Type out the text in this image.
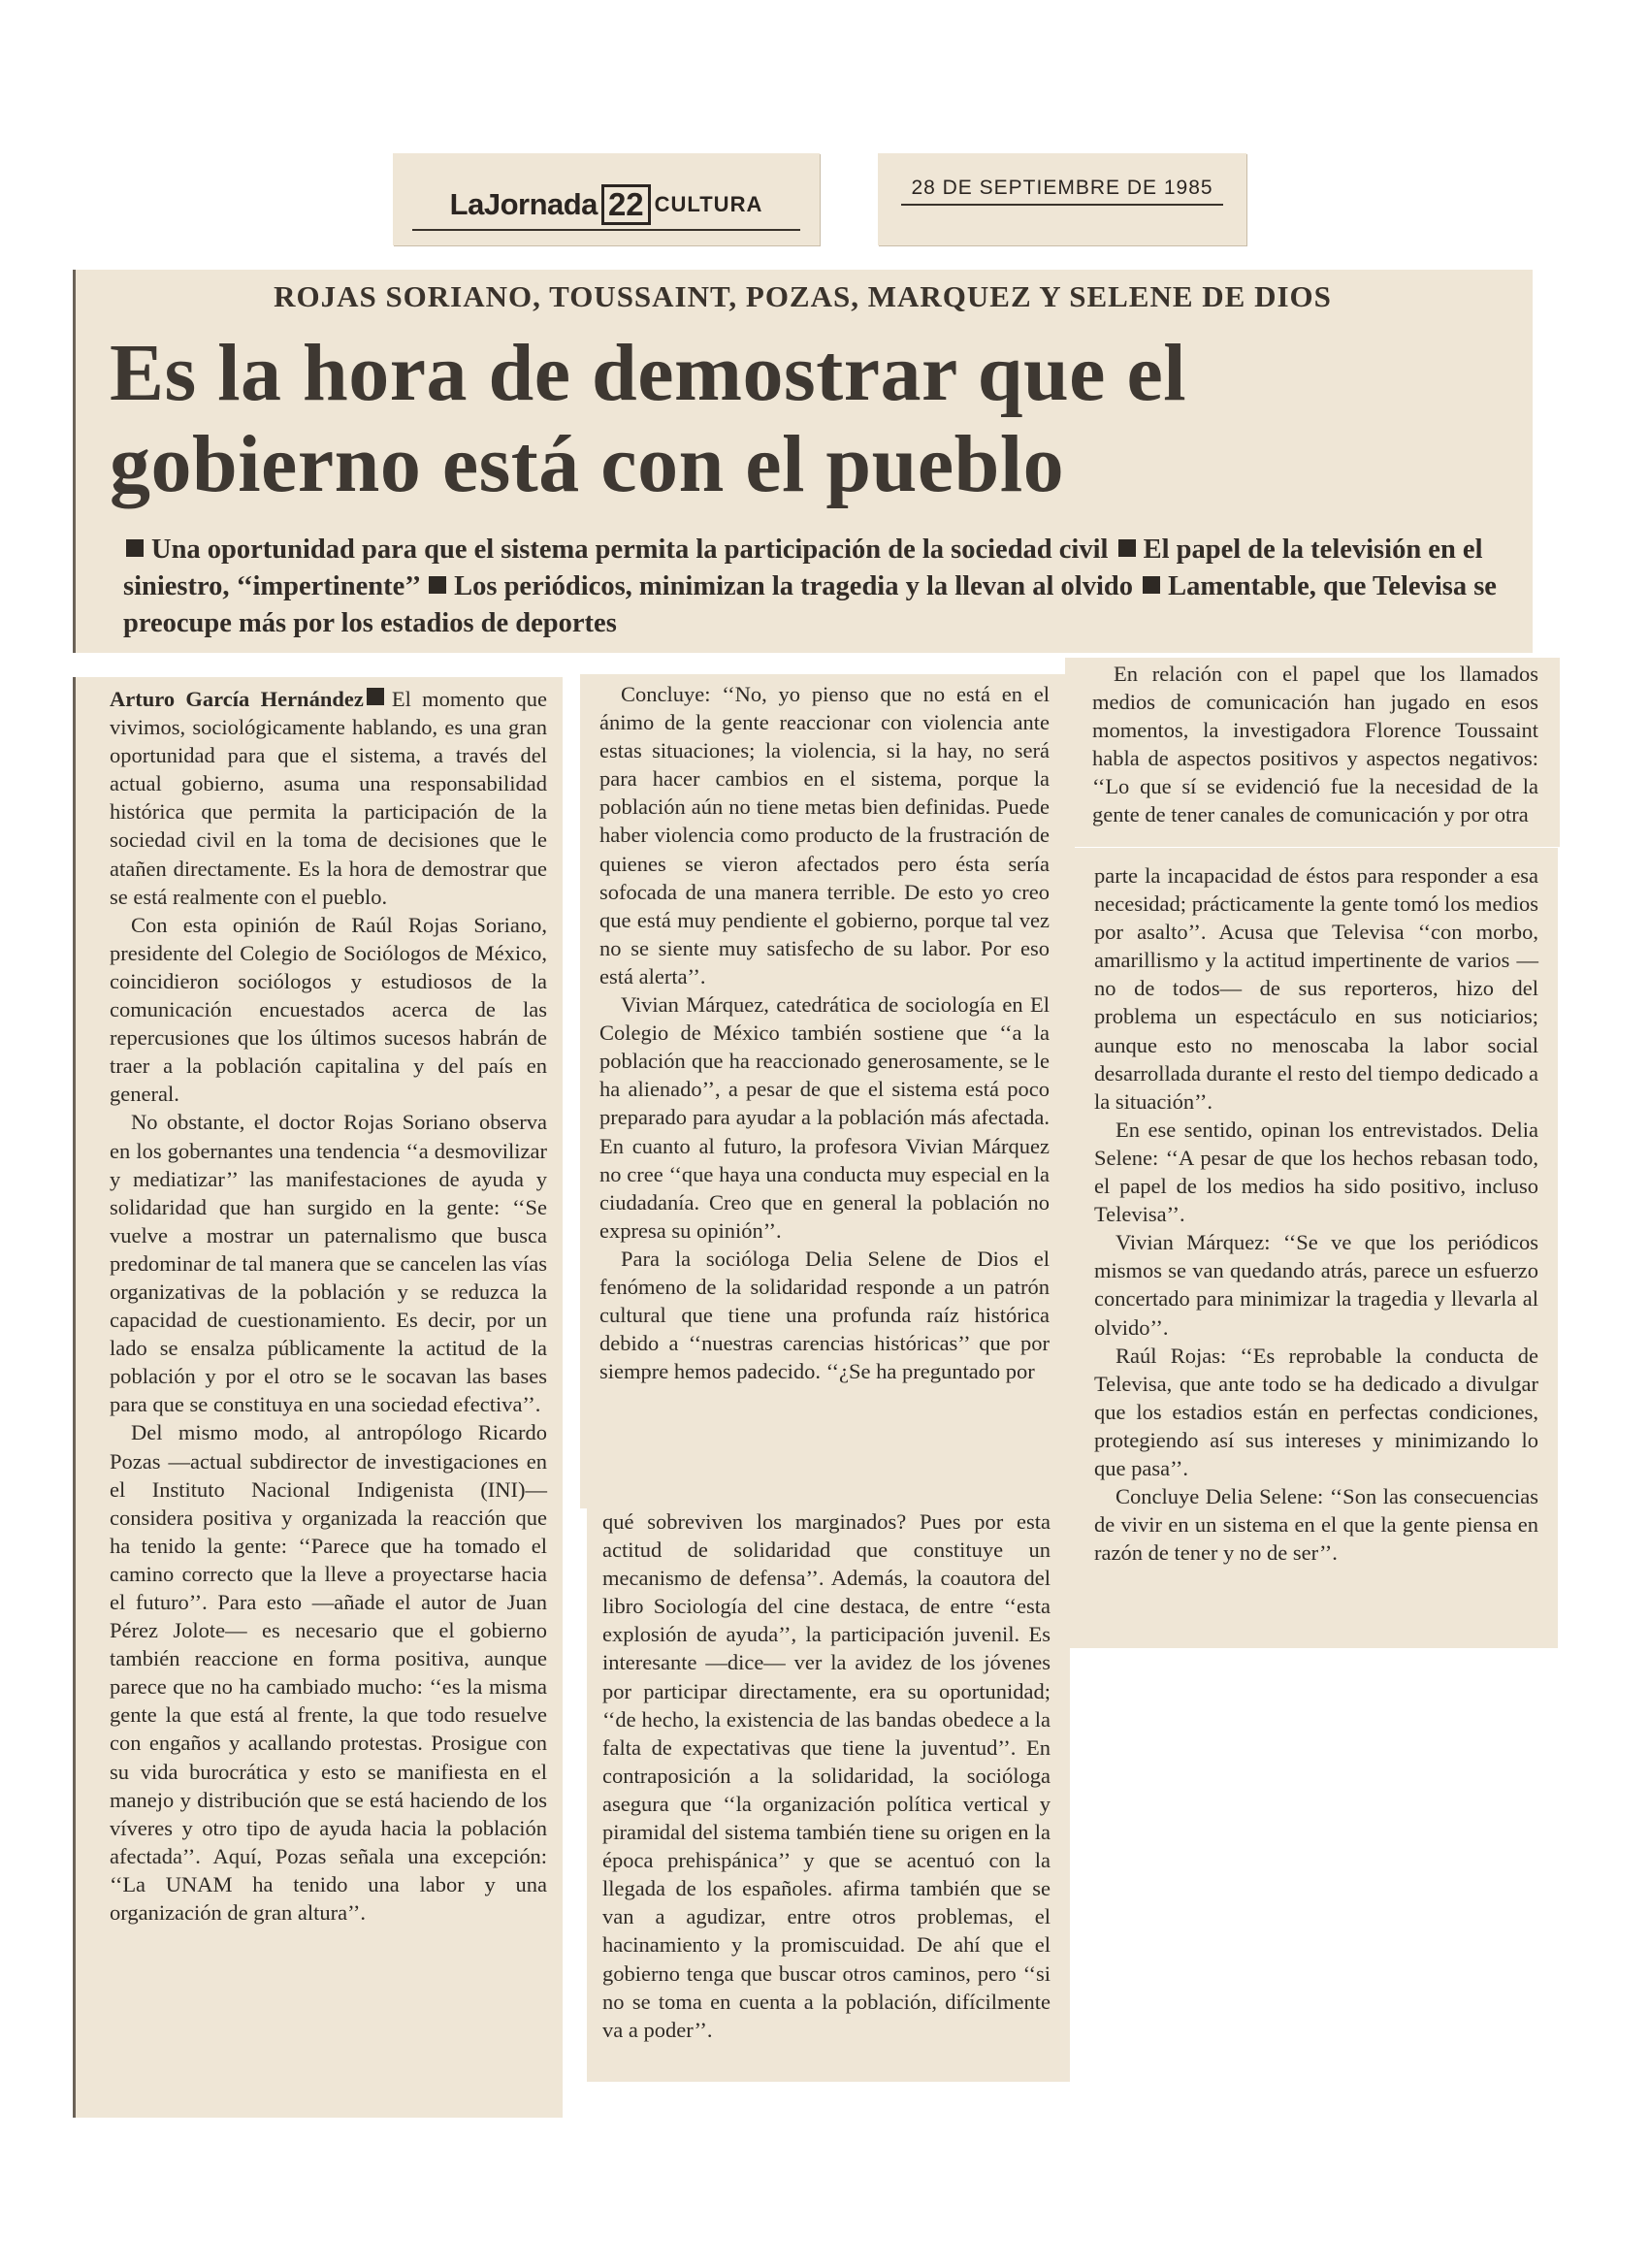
LaJornada 22 CULTURA
28 DE SEPTIEMBRE DE 1985
ROJAS SORIANO, TOUSSAINT, POZAS, MARQUEZ Y SELENE DE DIOS
Es la hora de demostrar que el gobierno está con el pueblo
Una oportunidad para que el sistema permita la participación de la sociedad civil El papel de la televisión en el siniestro, ‘‘impertinente’’ Los periódicos, minimizan la tragedia y la llevan al olvido Lamentable, que Televisa se preocupe más por los estadios de deportes

Arturo García Hernández El momento que vivimos, sociológicamente hablando, es una gran oportunidad para que el sistema, a través del actual gobierno, asuma una responsabilidad histórica que permita la participación de la sociedad civil en la toma de decisiones que le atañen directamente. Es la hora de demostrar que se está realmente con el pueblo.

Con esta opinión de Raúl Rojas Soriano, presidente del Colegio de Sociólogos de México, coincidieron sociólogos y estudiosos de la comunicación encuestados acerca de las repercusiones que los últimos sucesos habrán de traer a la población capitalina y del país en general.

No obstante, el doctor Rojas Soriano observa en los gobernantes una tendencia ‘‘a desmovilizar y mediatizar’’ las manifestaciones de ayuda y solidaridad que han surgido en la gente: ‘‘Se vuelve a mostrar un paternalismo que busca predominar de tal manera que se cancelen las vías organizativas de la población y se reduzca la capacidad de cuestionamiento. Es decir, por un lado se ensalza públicamente la actitud de la población y por el otro se le socavan las bases para que se constituya en una sociedad efectiva’’.

Del mismo modo, al antropólogo Ricardo Pozas —actual subdirector de investigaciones en el Instituto Nacional Indigenista (INI)— considera positiva y organizada la reacción que ha tenido la gente: ‘‘Parece que ha tomado el camino correcto que la lleve a proyectarse hacia el futuro’’. Para esto —añade el autor de Juan Pérez Jolote— es necesario que el gobierno también reaccione en forma positiva, aunque parece que no ha cambiado mucho: ‘‘es la misma gente la que está al frente, la que todo resuelve con engaños y acallando protestas. Prosigue con su vida burocrática y esto se manifiesta en el manejo y distribución que se está haciendo de los víveres y otro tipo de ayuda hacia la población afectada’’. Aquí, Pozas señala una excepción: ‘‘La UNAM ha tenido una labor y una organización de gran altura’’.

Concluye: ‘‘No, yo pienso que no está en el ánimo de la gente reaccionar con violencia ante estas situaciones; la violencia, si la hay, no será para hacer cambios en el sistema, porque la población aún no tiene metas bien definidas. Puede haber violencia como producto de la frustración de quienes se vieron afectados pero ésta sería sofocada de una manera terrible. De esto yo creo que está muy pendiente el gobierno, porque tal vez no se siente muy satisfecho de su labor. Por eso está alerta’’.

Vivian Márquez, catedrática de sociología en El Colegio de México también sostiene que ‘‘a la población que ha reaccionado generosamente, se le ha alienado’’, a pesar de que el sistema está poco preparado para ayudar a la población más afectada. En cuanto al futuro, la profesora Vivian Márquez no cree ‘‘que haya una conducta muy especial en la ciudadanía. Creo que en general la población no expresa su opinión’’.

Para la socióloga Delia Selene de Dios el fenómeno de la solidaridad responde a un patrón cultural que tiene una profunda raíz histórica debido a ‘‘nuestras carencias históricas’’ que por siempre hemos padecido. ‘‘¿Se ha preguntado por

qué sobreviven los marginados? Pues por esta actitud de solidaridad que constituye un mecanismo de defensa’’. Además, la coautora del libro Sociología del cine destaca, de entre ‘‘esta explosión de ayuda’’, la participación juvenil. Es interesante —dice— ver la avidez de los jóvenes por participar directamente, era su oportunidad; ‘‘de hecho, la existencia de las bandas obedece a la falta de expectativas que tiene la juventud’’. En contraposición a la solidaridad, la socióloga asegura que ‘‘la organización política vertical y piramidal del sistema también tiene su origen en la época prehispánica’’ y que se acentuó con la llegada de los españoles. afirma también que se van a agudizar, entre otros problemas, el hacinamiento y la promiscuidad. De ahí que el gobierno tenga que buscar otros caminos, pero ‘‘si no se toma en cuenta a la población, difícilmente va a poder’’.

En relación con el papel que los llamados medios de comunicación han jugado en esos momentos, la investigadora Florence Toussaint habla de aspectos positivos y aspectos negativos: ‘‘Lo que sí se evidenció fue la necesidad de la gente de tener canales de comunicación y por otra

parte la incapacidad de éstos para responder a esa necesidad; prácticamente la gente tomó los medios por asalto’’. Acusa que Televisa ‘‘con morbo, amarillismo y la actitud impertinente de varios —no de todos— de sus reporteros, hizo del problema un espectáculo en sus noticiarios; aunque esto no menoscaba la labor social desarrollada durante el resto del tiempo dedicado a la situación’’.

En ese sentido, opinan los entrevistados. Delia Selene: ‘‘A pesar de que los hechos rebasan todo, el papel de los medios ha sido positivo, incluso Televisa’’.

Vivian Márquez: ‘‘Se ve que los periódicos mismos se van quedando atrás, parece un esfuerzo concertado para minimizar la tragedia y llevarla al olvido’’.

Raúl Rojas: ‘‘Es reprobable la conducta de Televisa, que ante todo se ha dedicado a divulgar que los estadios están en perfectas condiciones, protegiendo así sus intereses y minimizando lo que pasa’’.

Concluye Delia Selene: ‘‘Son las consecuencias de vivir en un sistema en el que la gente piensa en razón de tener y no de ser’’.
